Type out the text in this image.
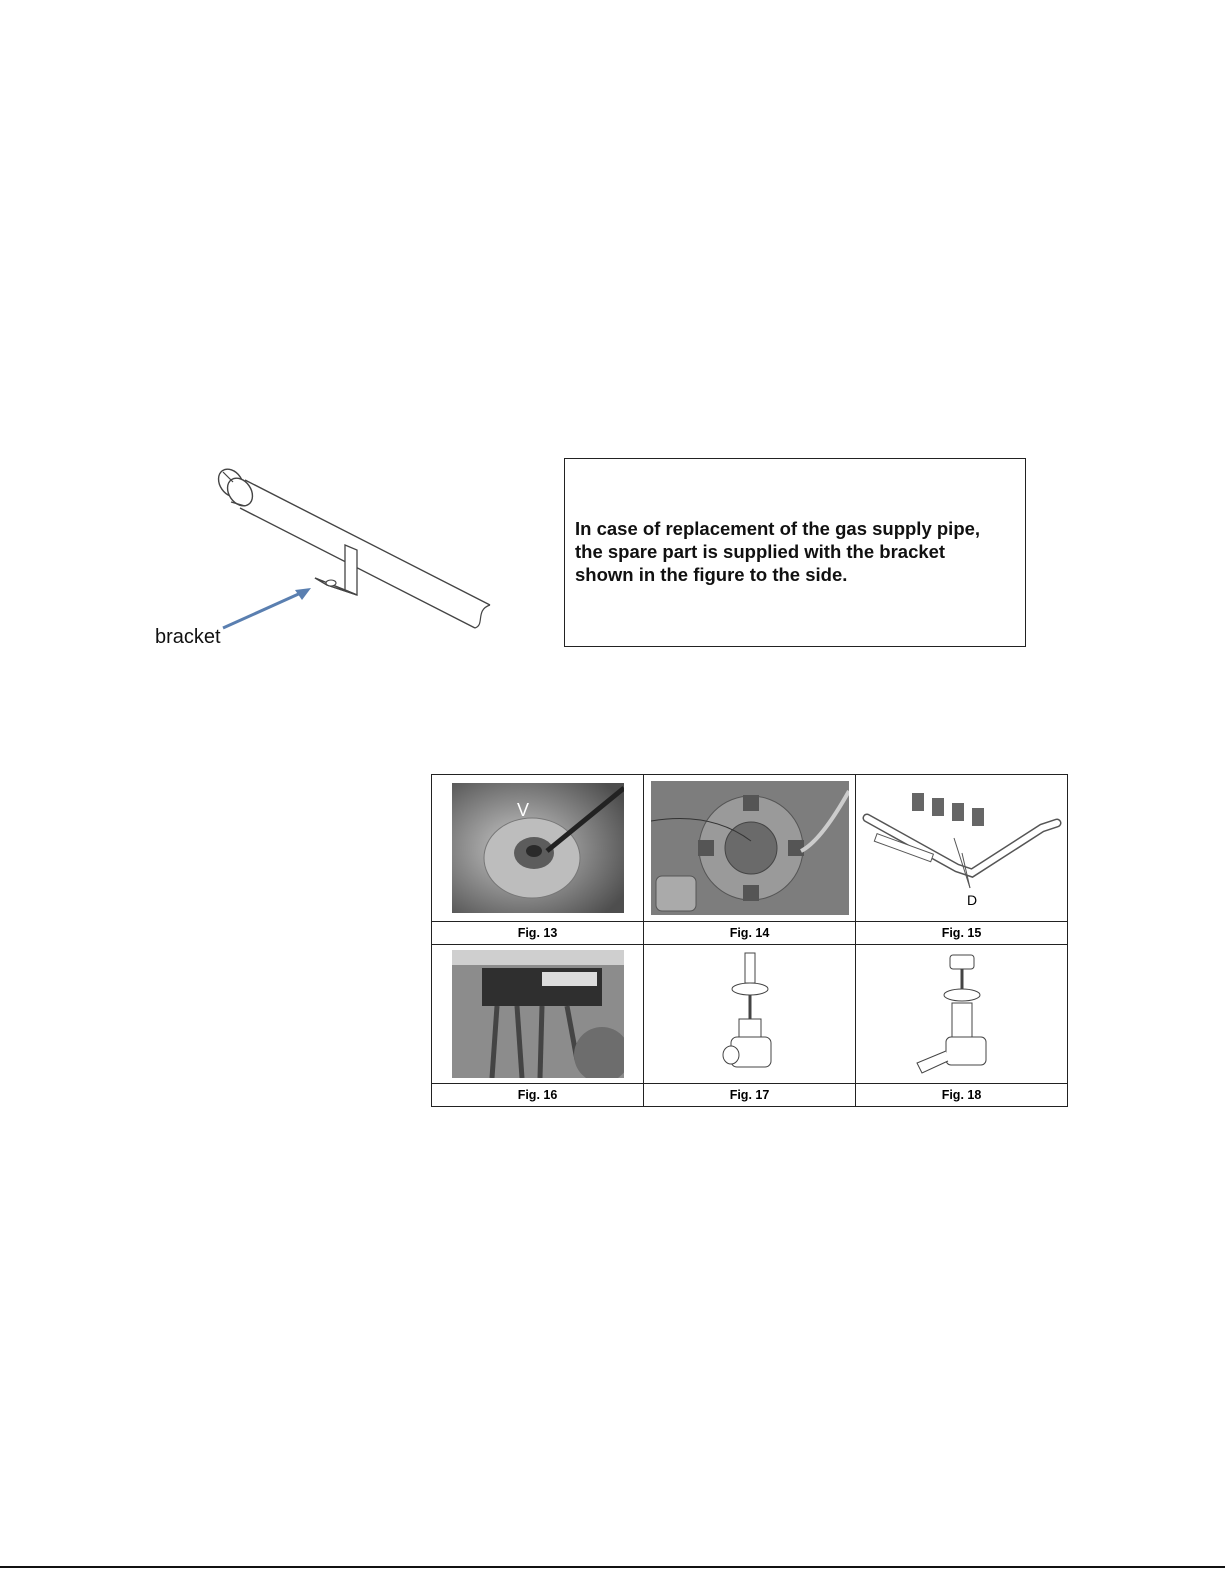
bracket
In case of replacement of the gas supply pipe,
the spare part is supplied with the bracket
shown in the figure to the side.
V		D

Fig. 13	Fig. 14	Fig. 15

Fig. 16	Fig. 17	Fig. 18
